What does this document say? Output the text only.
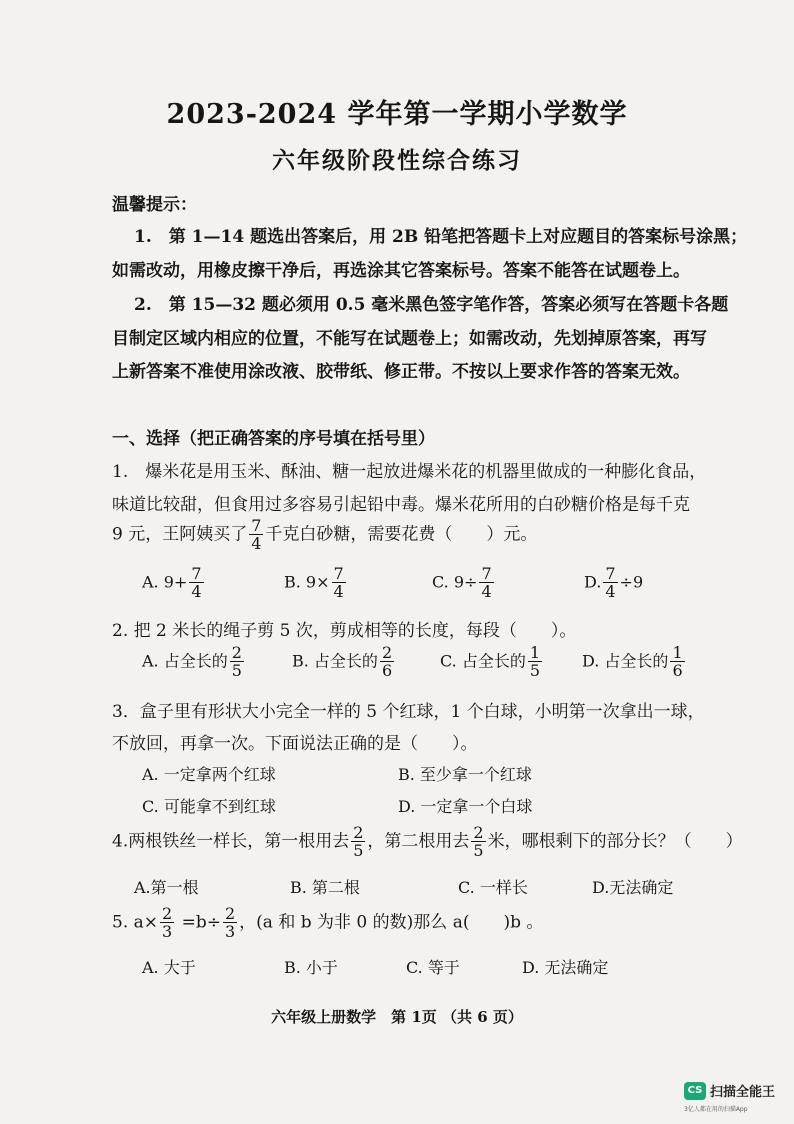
2023-2024 学年第一学期小学数学
六年级阶段性综合练习
温馨提示：
1.　第 1—14 题选出答案后，用 2B 铅笔把答题卡上对应题目的答案标号涂黑；
如需改动，用橡皮擦干净后，再选涂其它答案标号。答案不能答在试题卷上。
2.　第 15—32 题必须用 0.5 毫米黑色签字笔作答，答案必须写在答题卡各题
目制定区域内相应的位置，不能写在试题卷上；如需改动，先划掉原答案，再写
上新答案不准使用涂改液、胶带纸、修正带。不按以上要求作答的答案无效。
一、选择（把正确答案的序号填在括号里）
1.　爆米花是用玉米、酥油、糖一起放进爆米花的机器里做成的一种膨化食品，
味道比较甜，但食用过多容易引起铅中毒。爆米花所用的白砂糖价格是每千克
9 元，王阿姨买了 $\frac{7}{4}$ 千克白砂糖，需要花费（　　）元。
A. $9+ \frac{7}{4}$	B. $9\times \frac{7}{4}$	C. $9\div \frac{7}{4}$	D. $\frac{7}{4} \div 9$
2. 把 2 米长的绳子剪 5 次，剪成相等的长度，每段（　　）。
A. 占全长的 $\frac{2}{5}$	B. 占全长的 $\frac{2}{6}$	C. 占全长的 $\frac{1}{5} D$. 占全长的 $\frac{1}{6}$
3．盒子里有形状大小完全一样的 5 个红球，1 个白球，小明第一次拿出一球，
不放回，再拿一次。下面说法正确的是（　　）。
A. 一定拿两个红球	B. 至少拿一个红球
C. 可能拿不到红球	D. 一定拿一个白球
4.两根铁丝一样长，第一根用去 $\frac{2}{5}$ ，第二根用去 $\frac{2}{5}$ 米，哪根剩下的部分长？（　　）
A.第一根	B. 第二根	C. 一样长	D.无法确定
5. $a\times \frac{2}{3} =b\div \frac{2}{3}$ ，(a 和 b 为非 0 的数)那么 a(　　)b 。
A. 大于	B. 小于	C. 等于	D. 无法确定
六年级上册数学　第 1页 （共 6 页）
CS 扫描全能王
3亿人都在用的扫描App
